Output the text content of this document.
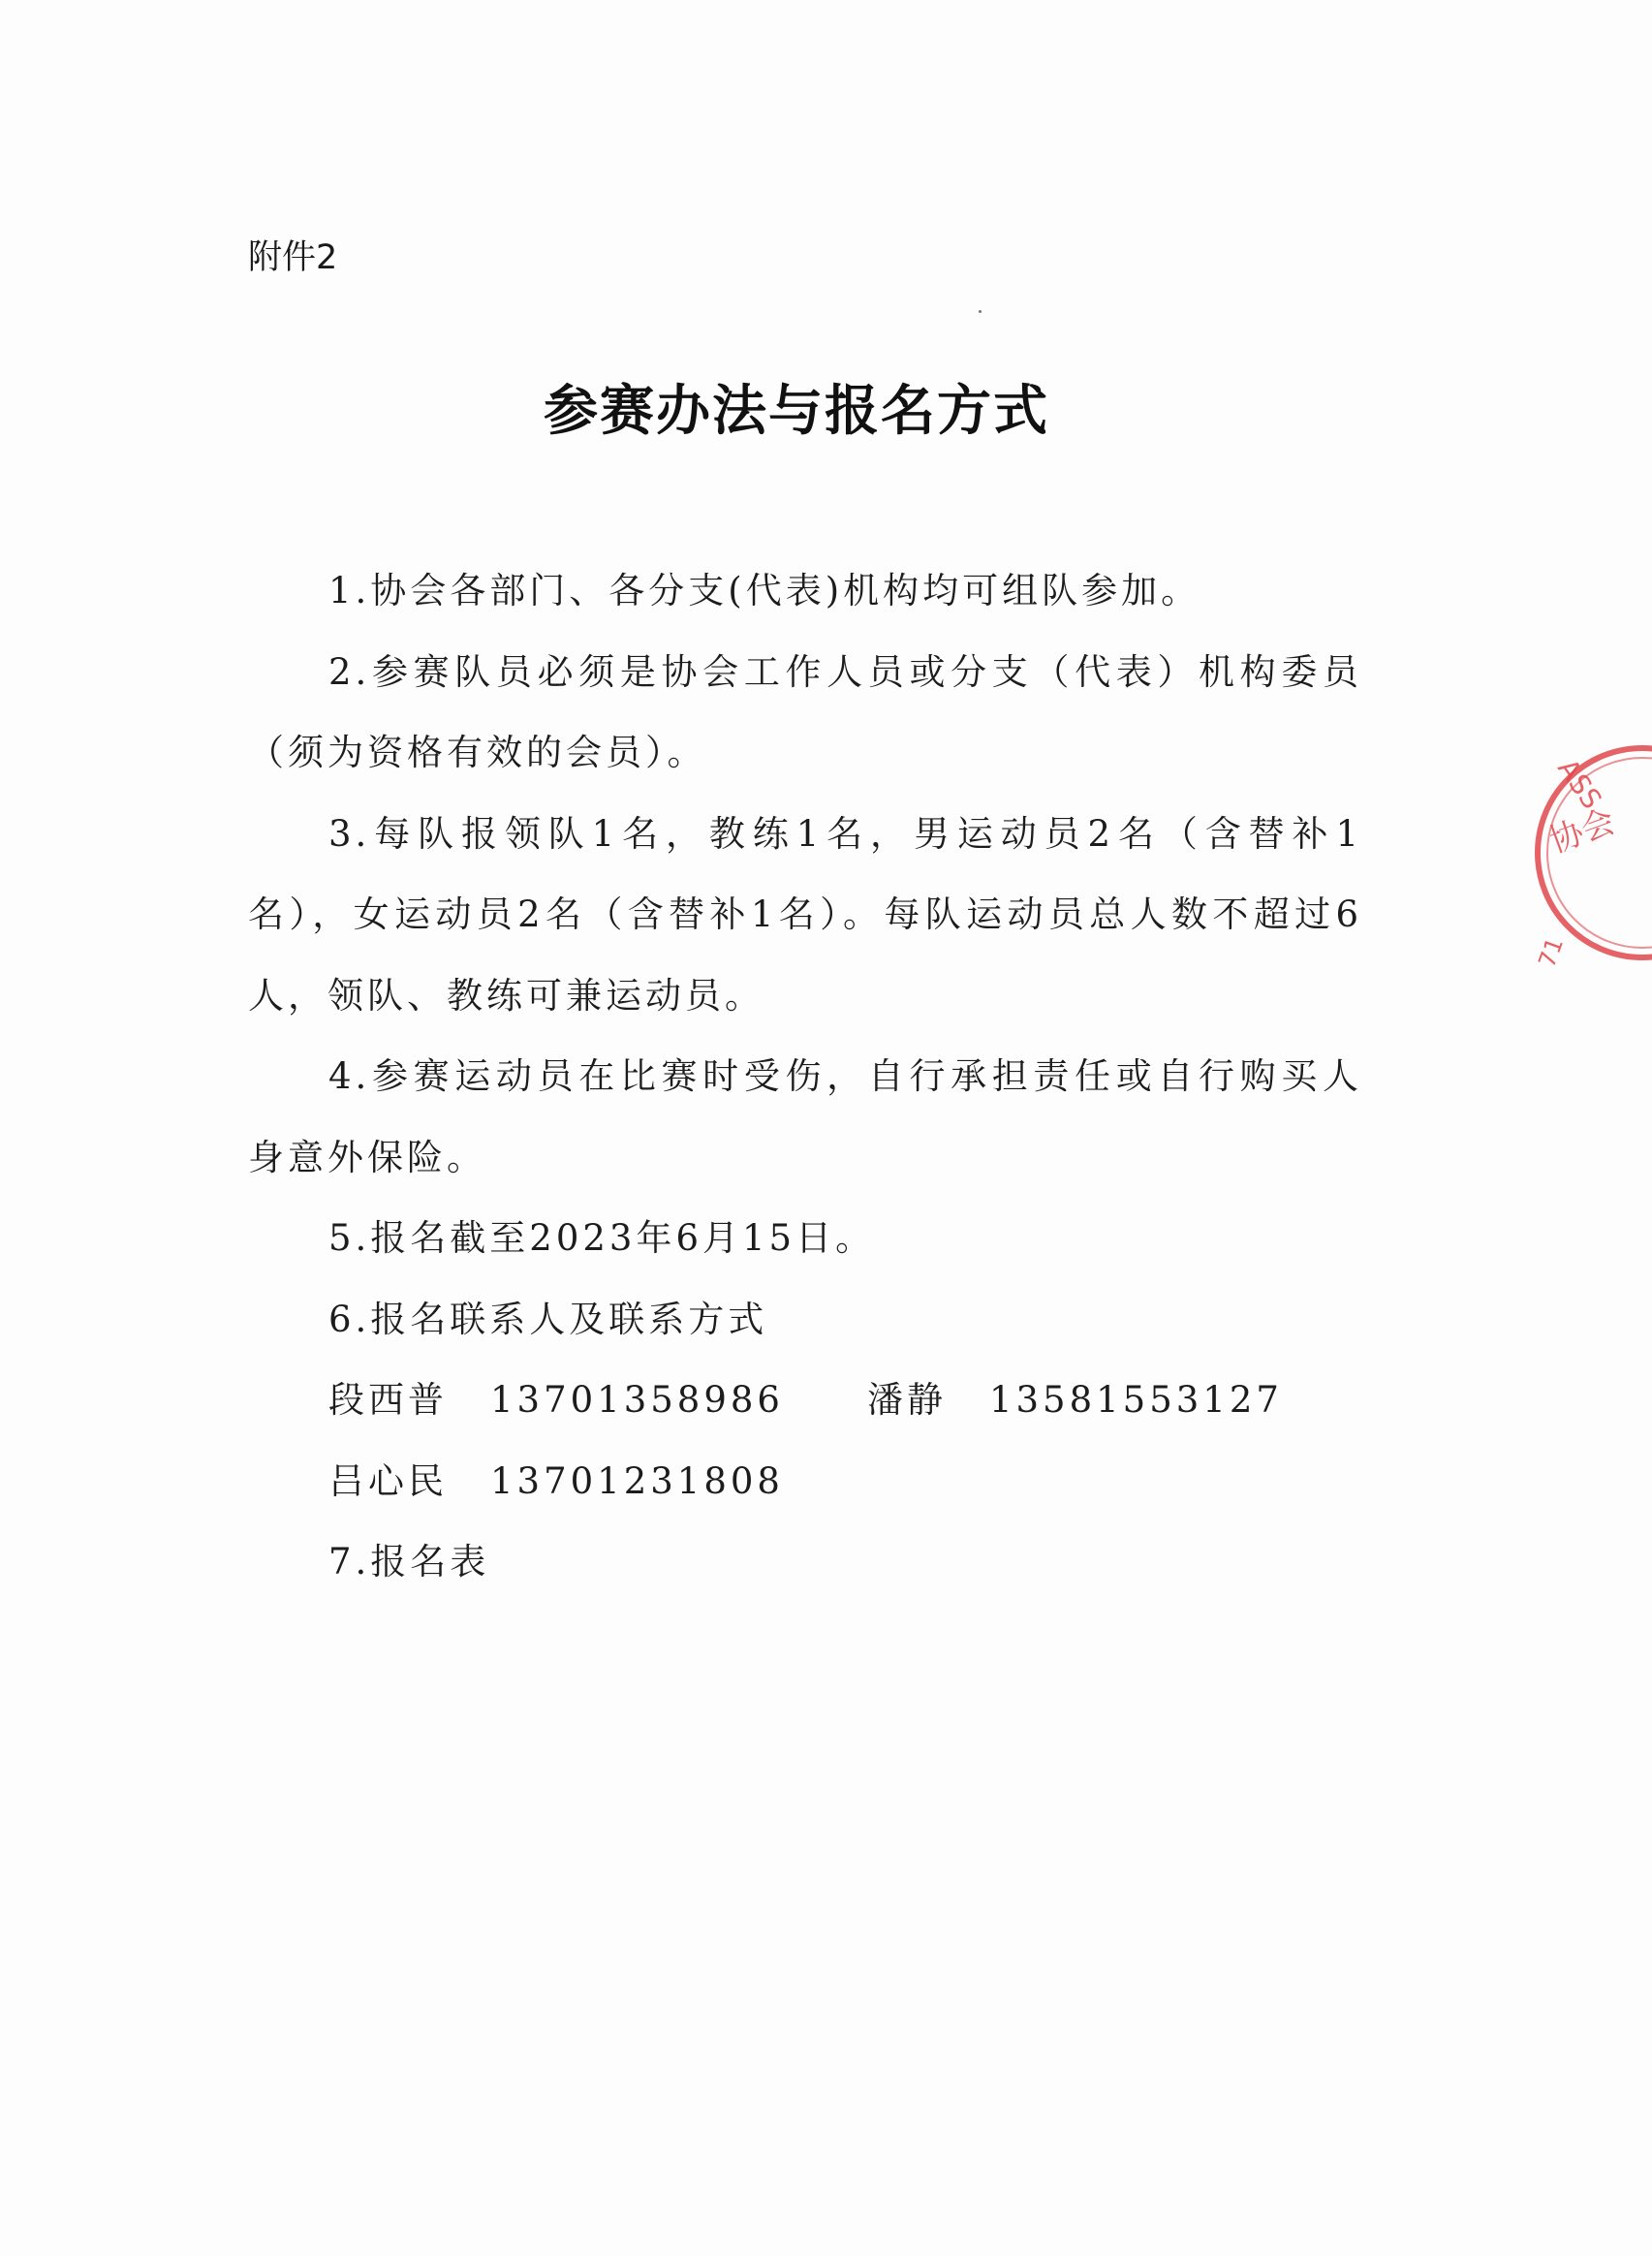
附件2
参赛办法与报名方式

1.协会各部门、各分支(代表)机构均可组队参加。

2.参赛队员必须是协会工作人员或分支（代表）机构委员（须为资格有效的会员）。

3.每队报领队1名，教练1名，男运动员2名（含替补1名），女运动员2名（含替补1名）。每队运动员总人数不超过6人，领队、教练可兼运动员。

4.参赛运动员在比赛时受伤，自行承担责任或自行购买人身意外保险。

5.报名截至2023年6月15日。

6.报名联系人及联系方式

段西普 13701358986 潘静 13581553127

吕心民 13701231808

7.报名表

ASS
协会
71
